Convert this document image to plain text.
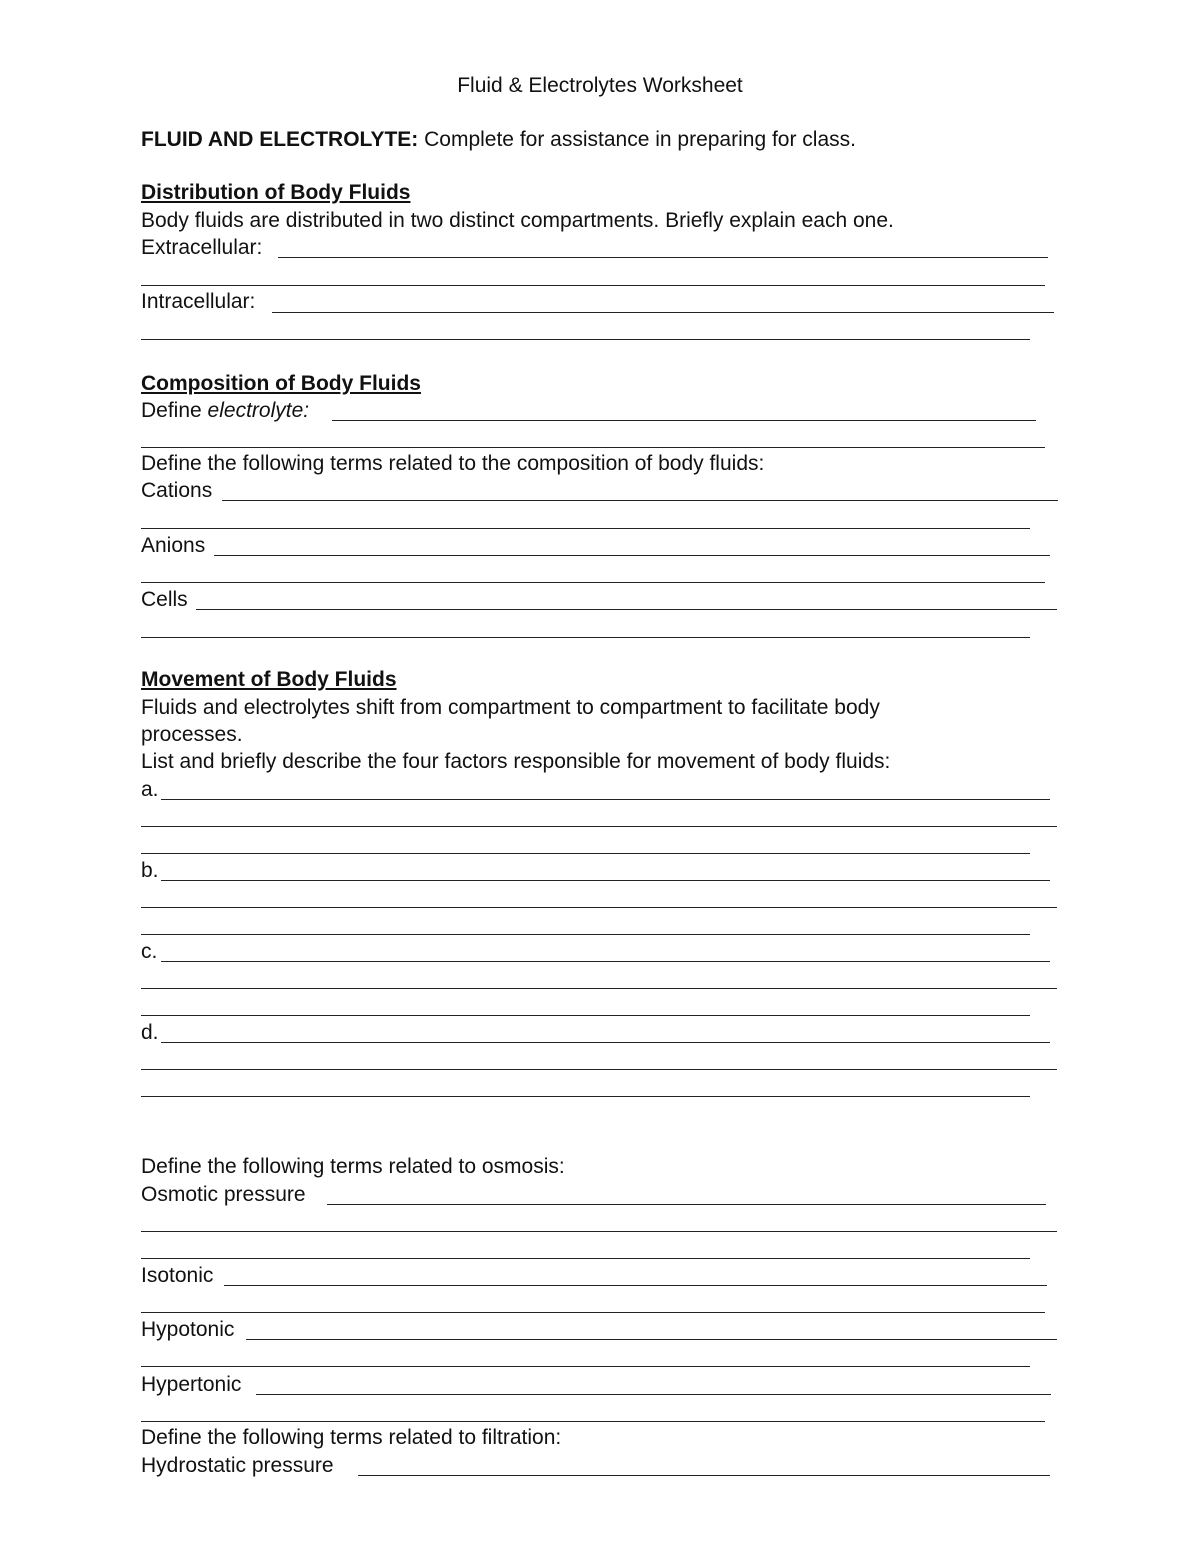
Fluid & Electrolytes Worksheet
FLUID AND ELECTROLYTE: Complete for assistance in preparing for class.
Distribution of Body Fluids
Body fluids are distributed in two distinct compartments. Briefly explain each one.
Extracellular:
Intracellular:
Composition of Body Fluids
Define electrolyte:
Define the following terms related to the composition of body fluids:
Cations
Anions
Cells
Movement of Body Fluids
Fluids and electrolytes shift from compartment to compartment to facilitate body
processes.
List and briefly describe the four factors responsible for movement of body fluids:
a.
b.
c.
d.
Define the following terms related to osmosis:
Osmotic pressure
Isotonic
Hypotonic
Hypertonic
Define the following terms related to filtration:
Hydrostatic pressure
